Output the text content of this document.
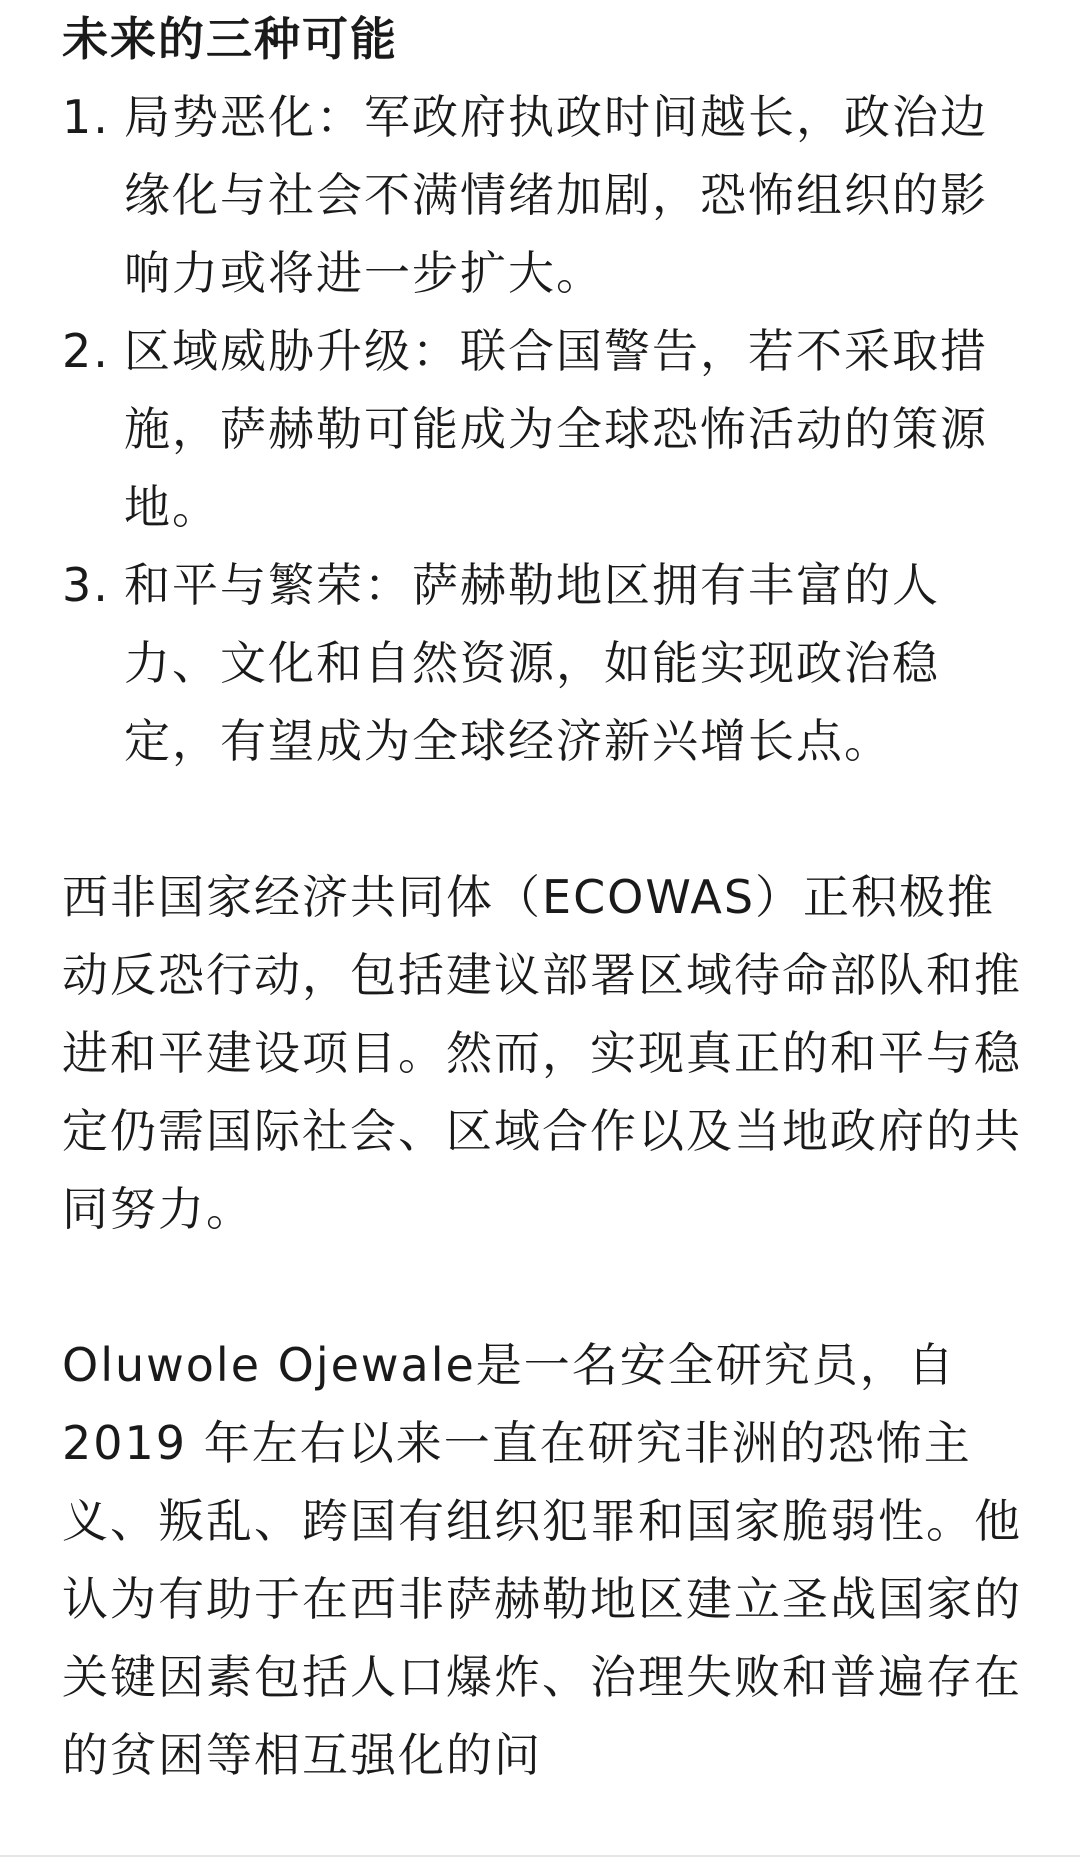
未来的三种可能
1. 局势恶化：军政府执政时间越长，政治边缘化与社会不满情绪加剧，恐怖组织的影响力或将进一步扩大。

2. 区域威胁升级：联合国警告，若不采取措施，萨赫勒可能成为全球恐怖活动的策源地。

3. 和平与繁荣：萨赫勒地区拥有丰富的人力、文化和自然资源，如能实现政治稳定，有望成为全球经济新兴增长点。

西非国家经济共同体（ECOWAS）正积极推动反恐行动，包括建议部署区域待命部队和推进和平建设项目。然而，实现真正的和平与稳定仍需国际社会、区域合作以及当地政府的共同努力。

Oluwole Ojewale是一名安全研究员，自 2019 年左右以来一直在研究非洲的恐怖主义、叛乱、跨国有组织犯罪和国家脆弱性。他认为有助于在西非萨赫勒地区建立圣战国家的关键因素包括人口爆炸、治理失败和普遍存在的贫困等相互强化的问
